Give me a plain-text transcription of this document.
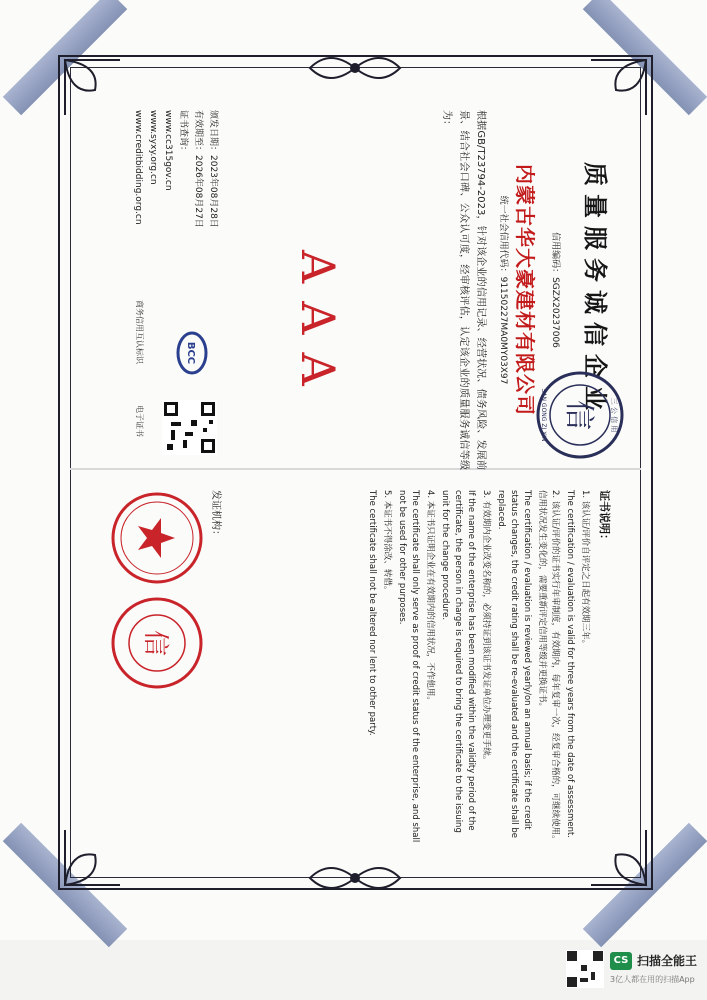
质量服务诚信企业
信用编码：SGZX20237006
内蒙古华大豪建材有限公司
统一社会信用代码：91150227MA0MY03X97
根据GB/T23794-2023，针对该企业的信用记录、经营状况、债务风险、发展前景、结合社会口碑、公众认可度，经审核评估，认定该企业的质量服务诚信等级为：
AAA
信 三 公 信 用
SAN GONG ZI XIN
颁发日期：2023年08月28日
有效期至：2026年08月27日
证书查询：
www.cc315gov.cn
www.syxy.org.cn
www.creditbidding.org.cn
BCC
商务信用互认标识
电子证书
证书说明：

1. 该认证/评价自评定之日起有效期三年。

The certification / evaluation is valid for three years from the date of assessment.

2. 该认证/评价的证书实行年审制度，有效期内，每年复审一次，经复审合格的，可继续使用。信用状况发生变化的，需要重新评定信用等级并更换证书。

The certification / evaluation is reviewed yearly/on an annual basis; if the credit status changes, the credit rating shall be re-evaluated and the certificate shall be replaced.

3. 有效期内企业改变名称的，必须持证到该证书发证单位办理变更手续。

If the name of the enterprise has been modified within the validity period of the certificate, the person in charge is required to bring the certificate to the issuing unit for the change procedure.

4. 本证书只证明企业在有效期内的信用状况，不作他用。

The certificate shall only serve as proof of credit status of the enterprise, and shall not be used for other purposes.

5. 本证书不得涂改、转借。

The certificate shall not be altered nor lent to other party.

发证机构：
信
CS 扫描全能王
3亿人都在用的扫描App
